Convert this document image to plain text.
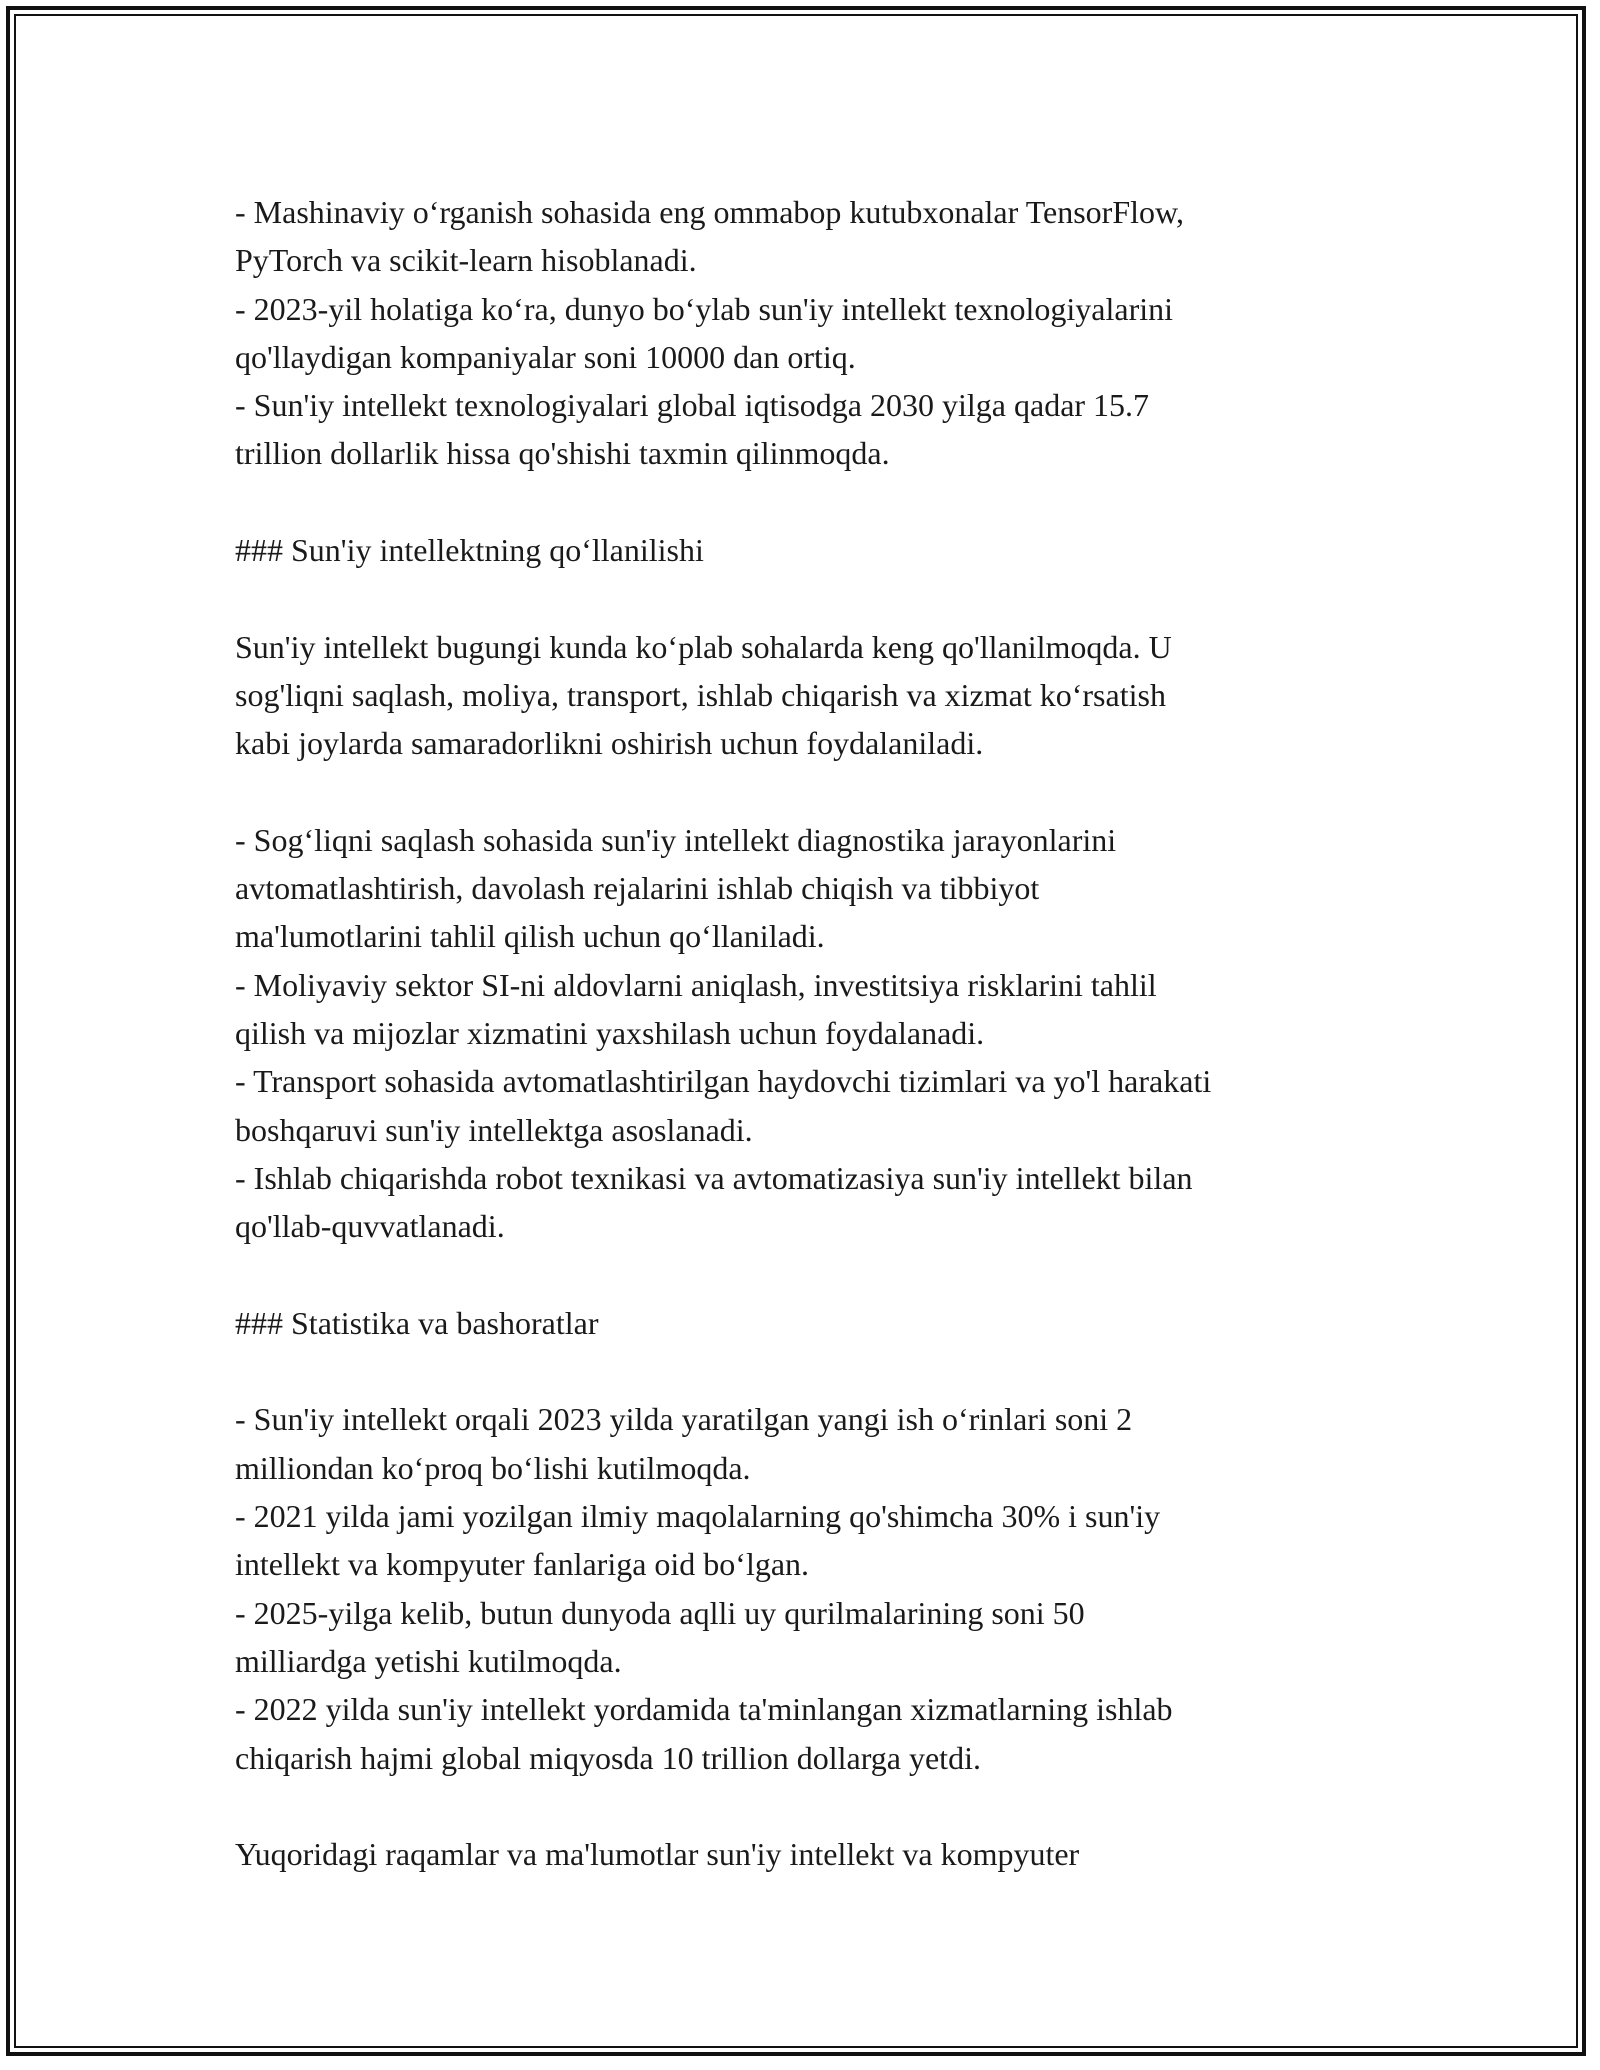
- Mashinaviy o‘rganish sohasida eng ommabop kutubxonalar TensorFlow,
PyTorch va scikit-learn hisoblanadi.
- 2023-yil holatiga ko‘ra, dunyo bo‘ylab sun'iy intellekt texnologiyalarini
qo'llaydigan kompaniyalar soni 10000 dan ortiq.
- Sun'iy intellekt texnologiyalari global iqtisodga 2030 yilga qadar 15.7
trillion dollarlik hissa qo'shishi taxmin qilinmoqda.
### Sun'iy intellektning qo‘llanilishi
Sun'iy intellekt bugungi kunda ko‘plab sohalarda keng qo'llanilmoqda. U
sog'liqni saqlash, moliya, transport, ishlab chiqarish va xizmat ko‘rsatish
kabi joylarda samaradorlikni oshirish uchun foydalaniladi.
- Sog‘liqni saqlash sohasida sun'iy intellekt diagnostika jarayonlarini
avtomatlashtirish, davolash rejalarini ishlab chiqish va tibbiyot
ma'lumotlarini tahlil qilish uchun qo‘llaniladi.
- Moliyaviy sektor SI-ni aldovlarni aniqlash, investitsiya risklarini tahlil
qilish va mijozlar xizmatini yaxshilash uchun foydalanadi.
- Transport sohasida avtomatlashtirilgan haydovchi tizimlari va yo'l harakati
boshqaruvi sun'iy intellektga asoslanadi.
- Ishlab chiqarishda robot texnikasi va avtomatizasiya sun'iy intellekt bilan
qo'llab-quvvatlanadi.
### Statistika va bashoratlar
- Sun'iy intellekt orqali 2023 yilda yaratilgan yangi ish o‘rinlari soni 2
milliondan ko‘proq bo‘lishi kutilmoqda.
- 2021 yilda jami yozilgan ilmiy maqolalarning qo'shimcha 30% i sun'iy
intellekt va kompyuter fanlariga oid bo‘lgan.
- 2025-yilga kelib, butun dunyoda aqlli uy qurilmalarining soni 50
milliardga yetishi kutilmoqda.
- 2022 yilda sun'iy intellekt yordamida ta'minlangan xizmatlarning ishlab
chiqarish hajmi global miqyosda 10 trillion dollarga yetdi.
Yuqoridagi raqamlar va ma'lumotlar sun'iy intellekt va kompyuter
